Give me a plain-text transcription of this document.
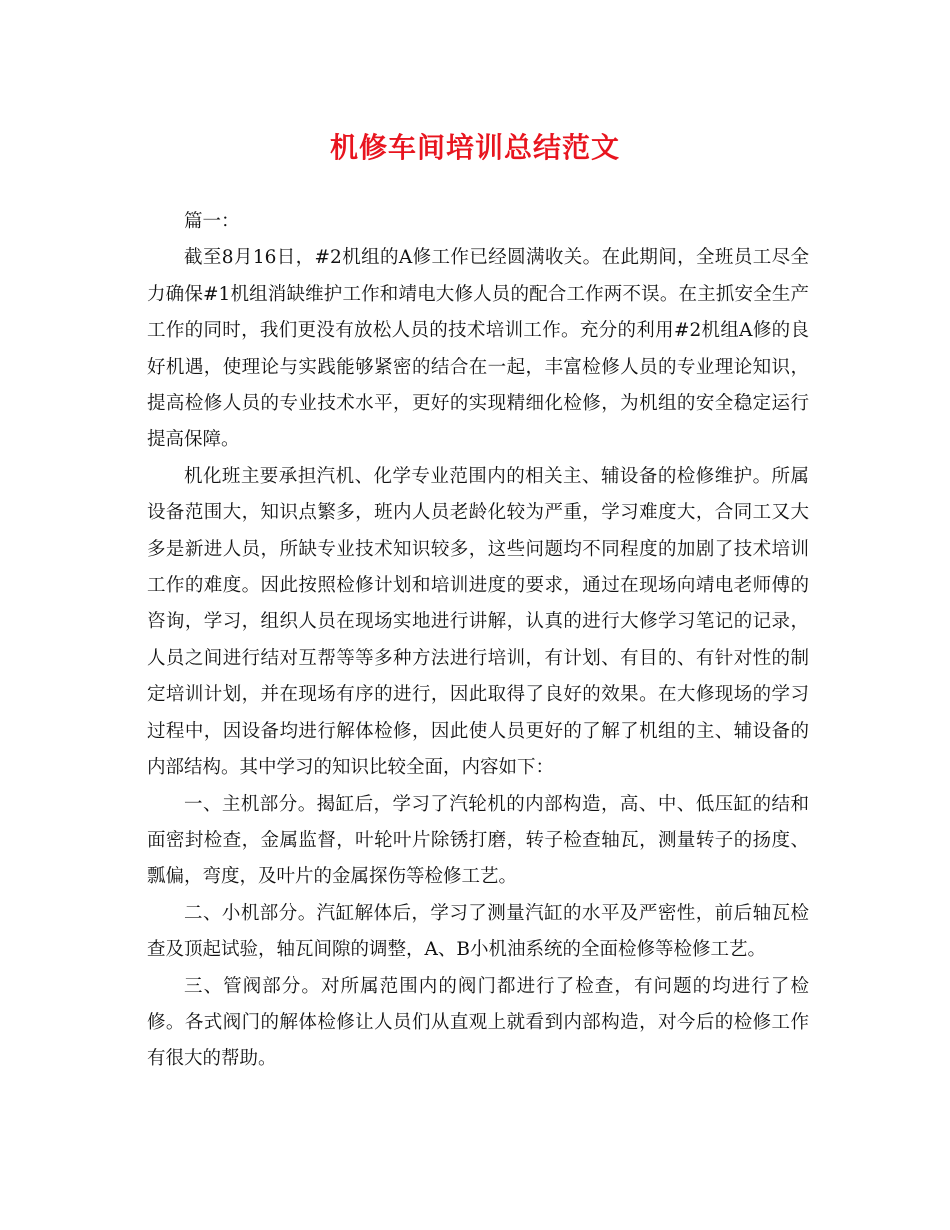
机修车间培训总结范文

篇一：

截至8月16日，#2机组的A修工作已经圆满收关。在此期间，全班员工尽全力确保#1机组消缺维护工作和靖电大修人员的配合工作两不误。在主抓安全生产工作的同时，我们更没有放松人员的技术培训工作。充分的利用#2机组A修的良好机遇，使理论与实践能够紧密的结合在一起，丰富检修人员的专业理论知识，提高检修人员的专业技术水平，更好的实现精细化检修，为机组的安全稳定运行提高保障。

机化班主要承担汽机、化学专业范围内的相关主、辅设备的检修维护。所属设备范围大，知识点繁多，班内人员老龄化较为严重，学习难度大，合同工又大多是新进人员，所缺专业技术知识较多，这些问题均不同程度的加剧了技术培训工作的难度。因此按照检修计划和培训进度的要求，通过在现场向靖电老师傅的咨询，学习，组织人员在现场实地进行讲解，认真的进行大修学习笔记的记录，人员之间进行结对互帮等等多种方法进行培训，有计划、有目的、有针对性的制定培训计划，并在现场有序的进行，因此取得了良好的效果。在大修现场的学习过程中，因设备均进行解体检修，因此使人员更好的了解了机组的主、辅设备的内部结构。其中学习的知识比较全面，内容如下：

一、主机部分。揭缸后，学习了汽轮机的内部构造，高、中、低压缸的结和面密封检查，金属监督，叶轮叶片除锈打磨，转子检查轴瓦，测量转子的扬度、瓢偏，弯度，及叶片的金属探伤等检修工艺。

二、小机部分。汽缸解体后，学习了测量汽缸的水平及严密性，前后轴瓦检查及顶起试验，轴瓦间隙的调整，A、B小机油系统的全面检修等检修工艺。

三、管阀部分。对所属范围内的阀门都进行了检查，有问题的均进行了检修。各式阀门的解体检修让人员们从直观上就看到内部构造，对今后的检修工作有很大的帮助。
